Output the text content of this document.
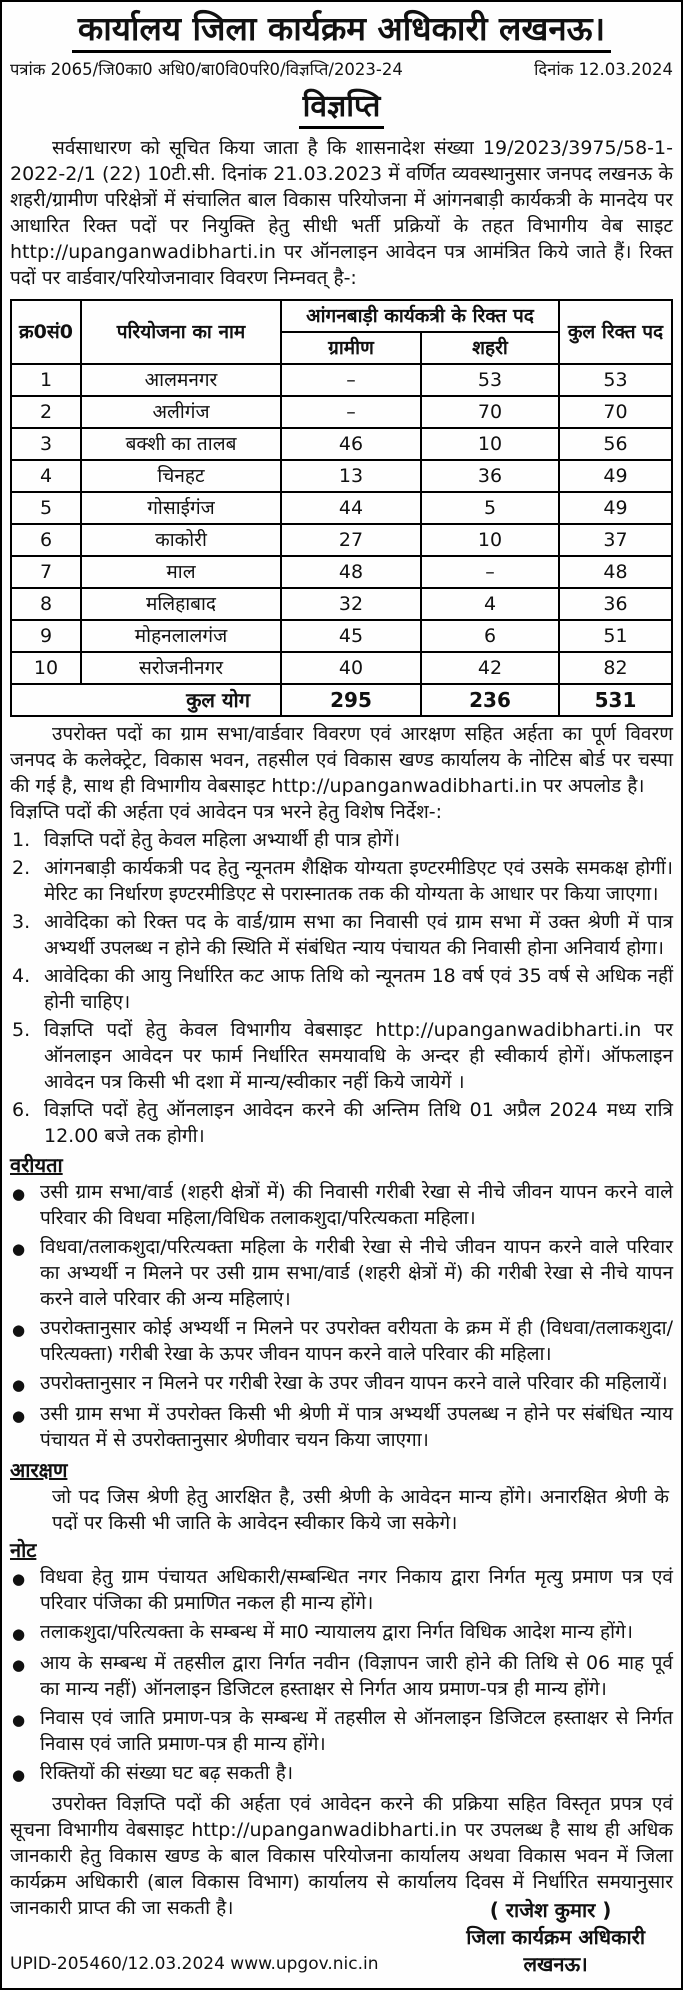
कार्यालय जिला कार्यक्रम अधिकारी लखनऊ।
पत्रांक 2065/जि0का0 अधि0/बा0वि0परि0/विज्ञप्ति/2023-24	दिनांक 12.03.2024
विज्ञप्ति

सर्वसाधारण को सूचित किया जाता है कि शासनादेश संख्या 19/2023/3975/58-1-2022-2/1 (22) 10टी.सी. दिनांक 21.03.2023 में वर्णित व्यवस्थानुसार जनपद लखनऊ के शहरी/ग्रामीण परिक्षेत्रों में संचालित बाल विकास परियोजना में आंगनबाड़ी कार्यकत्री के मानदेय पर आधारित रिक्त पदों पर नियुक्ति हेतु सीधी भर्ती प्रक्रियों के तहत विभागीय वेब साइट http://upanganwadibharti.in पर ऑनलाइन आवेदन पत्र आमंत्रित किये जाते हैं। रिक्त पदों पर वार्डवार/परियोजनावार विवरण निम्नवत् है-:

क्र0सं0	परियोजना का नाम	आंगनबाड़ी कार्यकत्री के रिक्त पद		कुल रिक्त पद
		ग्रामीण	शहरी	
1	आलमनगर	–	53	53
2	अलीगंज	–	70	70
3	बक्शी का तालब	46	10	56
4	चिनहट	13	36	49
5	गोसाईगंज	44	5	49
6	काकोरी	27	10	37
7	माल	48	–	48
8	मलिहाबाद	32	4	36
9	मोहनलालगंज	45	6	51
10	सरोजनीनगर	40	42	82
कुल योग		295	236	531

उपरोक्त पदों का ग्राम सभा/वार्डवार विवरण एवं आरक्षण सहित अर्हता का पूर्ण विवरण जनपद के कलेक्ट्रेट, विकास भवन, तहसील एवं विकास खण्ड कार्यालय के नोटिस बोर्ड पर चस्पा की गई है, साथ ही विभागीय वेबसाइट http://upanganwadibharti.in पर अपलोड है।

विज्ञप्ति पदों की अर्हता एवं आवेदन पत्र भरने हेतु विशेष निर्देश-:

1. विज्ञप्ति पदों हेतु केवल महिला अभ्यार्थी ही पात्र होगें।
2. आंगनबाड़ी कार्यकत्री पद हेतु न्यूनतम शैक्षिक योग्यता इण्टरमीडिएट एवं उसके समकक्ष होगीं। मेरिट का निर्धारण इण्टरमीडिएट से परास्नातक तक की योग्यता के आधार पर किया जाएगा।
3. आवेदिका को रिक्त पद के वार्ड/ग्राम सभा का निवासी एवं ग्राम सभा में उक्त श्रेणी में पात्र अभ्यर्थी उपलब्ध न होने की स्थिति में संबंधित न्याय पंचायत की निवासी होना अनिवार्य होगा।
4. आवेदिका की आयु निर्धारित कट आफ तिथि को न्यूनतम 18 वर्ष एवं 35 वर्ष से अधिक नहीं होनी चाहिए।
5. विज्ञप्ति पदों हेतु केवल विभागीय वेबसाइट http://upanganwadibharti.in पर ऑनलाइन आवेदन पर फार्म निर्धारित समयावधि के अन्दर ही स्वीकार्य होगें। ऑफलाइन आवेदन पत्र किसी भी दशा में मान्य/स्वीकार नहीं किये जायेगें ।
6. विज्ञप्ति पदों हेतु ऑनलाइन आवेदन करने की अन्तिम तिथि 01 अप्रैल 2024 मध्य रात्रि 12.00 बजे तक होगी।
वरीयता
● उसी ग्राम सभा/वार्ड (शहरी क्षेत्रों में) की निवासी गरीबी रेखा से नीचे जीवन यापन करने वाले परिवार की विधवा महिला/विधिक तलाकशुदा/परित्यकता महिला।
● विधवा/तलाकशुदा/परित्यक्ता महिला के गरीबी रेखा से नीचे जीवन यापन करने वाले परिवार का अभ्यर्थी न मिलने पर उसी ग्राम सभा/वार्ड (शहरी क्षेत्रों में) की गरीबी रेखा से नीचे यापन करने वाले परिवार की अन्य महिलाएं।
● उपरोक्तानुसार कोई अभ्यर्थी न मिलने पर उपरोक्त वरीयता के क्रम में ही (विधवा/तलाकशुदा/परित्यक्ता) गरीबी रेखा के ऊपर जीवन यापन करने वाले परिवार की महिला।
● उपरोक्तानुसार न मिलने पर गरीबी रेखा के उपर जीवन यापन करने वाले परिवार की महिलायें।
● उसी ग्राम सभा में उपरोक्त किसी भी श्रेणी में पात्र अभ्यर्थी उपलब्ध न होने पर संबंधित न्याय पंचायत में से उपरोक्तानुसार श्रेणीवार चयन किया जाएगा।
आरक्षण

जो पद जिस श्रेणी हेतु आरक्षित है, उसी श्रेणी के आवेदन मान्य होंगे। अनारक्षित श्रेणी के पदों पर किसी भी जाति के आवेदन स्वीकार किये जा सकेगे।

नोट
● विधवा हेतु ग्राम पंचायत अधिकारी/सम्बन्धित नगर निकाय द्वारा निर्गत मृत्यु प्रमाण पत्र एवं परिवार पंजिका की प्रमाणित नकल ही मान्य होंगे।
● तलाकशुदा/परित्यक्ता के सम्बन्ध में मा0 न्यायालय द्वारा निर्गत विधिक आदेश मान्य होंगे।
● आय के सम्बन्ध में तहसील द्वारा निर्गत नवीन (विज्ञापन जारी होने की तिथि से 06 माह पूर्व का मान्य नहीं) ऑनलाइन डिजिटल हस्ताक्षर से निर्गत आय प्रमाण-पत्र ही मान्य होंगे।
● निवास एवं जाति प्रमाण-पत्र के सम्बन्ध में तहसील से ऑनलाइन डिजिटल हस्ताक्षर से निर्गत निवास एवं जाति प्रमाण-पत्र ही मान्य होंगे।
● रिक्तियों की संख्या घट बढ़ सकती है।

उपरोक्त विज्ञप्ति पदों की अर्हता एवं आवेदन करने की प्रक्रिया सहित विस्तृत प्रपत्र एवं सूचना विभागीय वेबसाइट http://upanganwadibharti.in पर उपलब्ध है साथ ही अधिक जानकारी हेतु विकास खण्ड के बाल विकास परियोजना कार्यालय अथवा विकास भवन में जिला कार्यक्रम अधिकारी (बाल विकास विभाग) कार्यालय से कार्यालय दिवस में निर्धारित समयानुसार जानकारी प्राप्त की जा सकती है।

UPID-205460/12.03.2024 www.upgov.nic.in
( राजेश कुमार )
जिला कार्यक्रम अधिकारी
लखनऊ।
